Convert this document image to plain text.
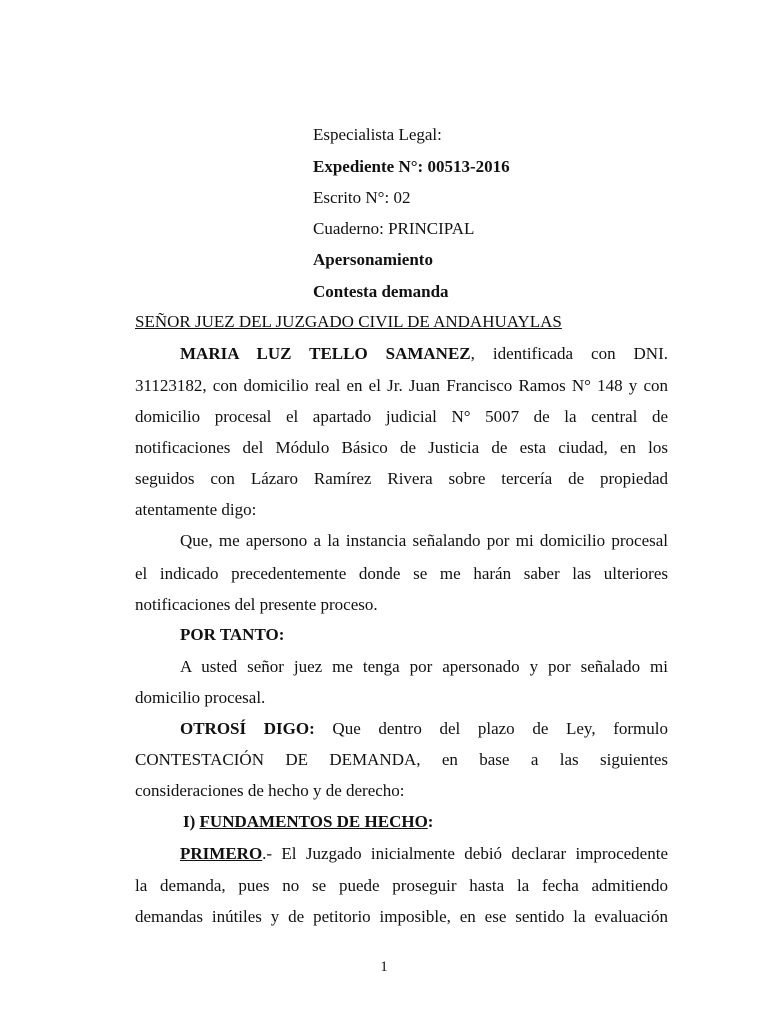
Especialista Legal:
Expediente N°: 00513-2016
Escrito N°: 02
Cuaderno: PRINCIPAL
Apersonamiento
Contesta demanda
SEÑOR JUEZ DEL JUZGADO CIVIL DE ANDAHUAYLAS
MARIA LUZ TELLO SAMANEZ, identificada con DNI.
31123182, con domicilio real en el Jr. Juan Francisco Ramos N° 148 y con
domicilio procesal el apartado judicial N° 5007 de la central de
notificaciones del Módulo Básico de Justicia de esta ciudad, en los
seguidos con Lázaro Ramírez Rivera sobre tercería de propiedad
atentamente digo:
Que, me apersono a la instancia señalando por mi domicilio procesal
el indicado precedentemente donde se me harán saber las ulteriores
notificaciones del presente proceso.
POR TANTO:
A usted señor juez me tenga por apersonado y por señalado mi
domicilio procesal.
OTROSÍ DIGO: Que dentro del plazo de Ley, formulo
CONTESTACIÓN DE DEMANDA, en base a las siguientes
consideraciones de hecho y de derecho:
I) FUNDAMENTOS DE HECHO:
PRIMERO.- El Juzgado inicialmente debió declarar improcedente
la demanda, pues no se puede proseguir hasta la fecha admitiendo
demandas inútiles y de petitorio imposible, en ese sentido la evaluación
1
